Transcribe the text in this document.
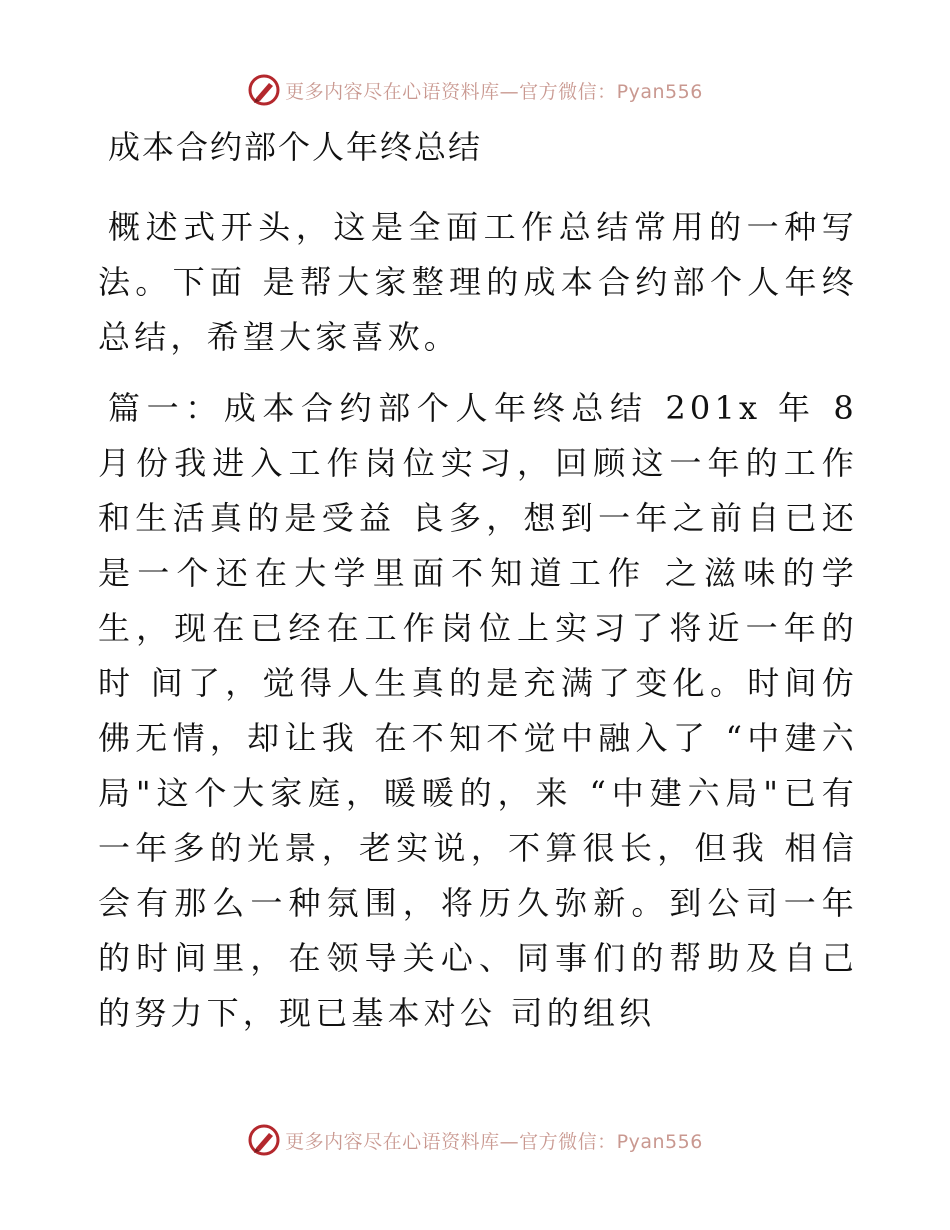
更多内容尽在心语资料库—官方微信：Pyan556
成本合约部个人年终总结

概述式开头，这是全面工作总结常用的一种写法。下面 是帮大家整理的成本合约部个人年终总结，希望大家喜欢。

篇一：成本合约部个人年终总结 201x 年 8 月份我进入工作岗位实习，回顾这一年的工作和生活真的是受益 良多，想到一年之前自已还是一个还在大学里面不知道工作 之滋味的学生，现在已经在工作岗位上实习了将近一年的时 间了，觉得人生真的是充满了变化。时间仿佛无情，却让我 在不知不觉中融入了 “中建六局"这个大家庭，暖暖的，来 “中建六局"已有一年多的光景，老实说，不算很长，但我 相信会有那么一种氛围，将历久弥新。到公司一年的时间里，在领导关心、同事们的帮助及自己的努力下，现已基本对公 司的组织

更多内容尽在心语资料库—官方微信：Pyan556
